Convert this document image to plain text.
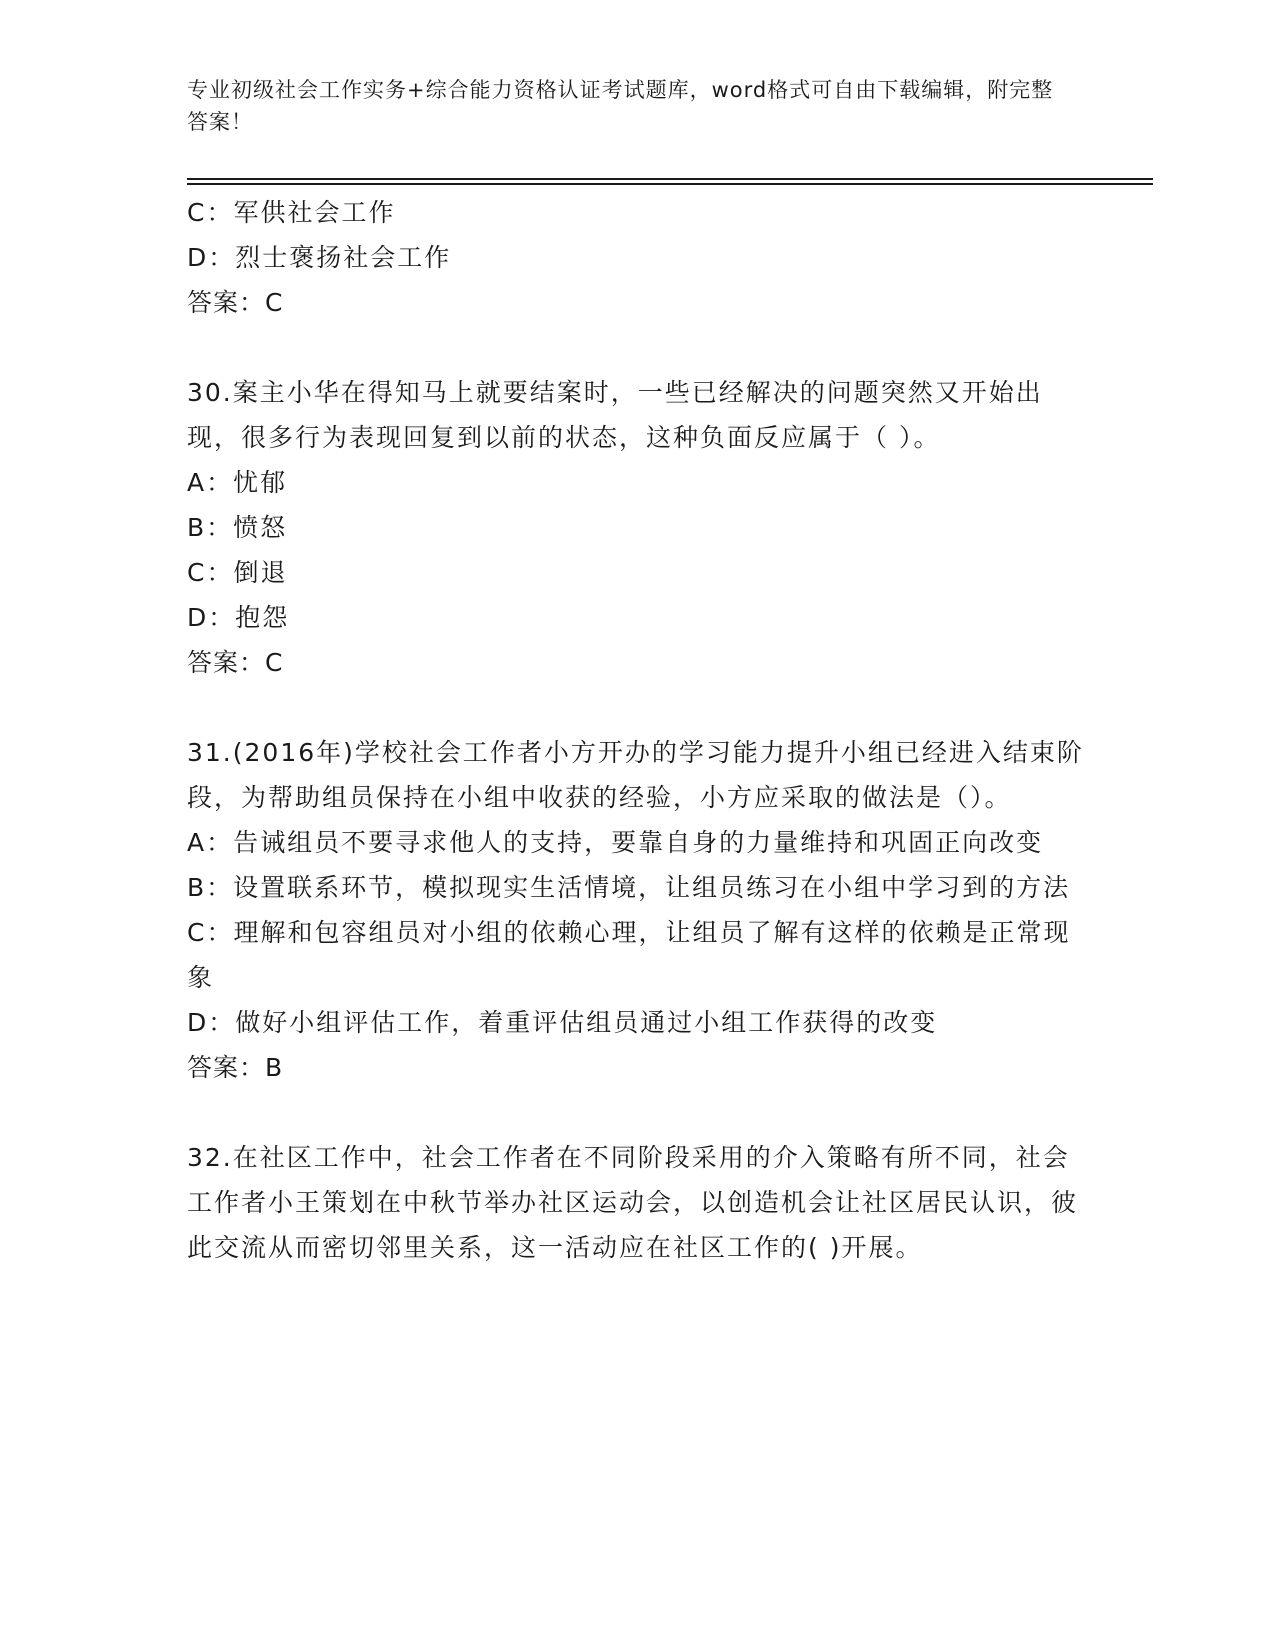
专业初级社会工作实务+综合能力资格认证考试题库，word格式可自由下载编辑，附完整答案！

C：军供社会工作

D：烈士褒扬社会工作

答案：C

30.案主小华在得知马上就要结案时，一些已经解决的问题突然又开始出现，很多行为表现回复到以前的状态，这种负面反应属于（ ）。

A：忧郁

B：愤怒

C：倒退

D：抱怨

答案：C

31.(2016年)学校社会工作者小方开办的学习能力提升小组已经进入结束阶段，为帮助组员保持在小组中收获的经验，小方应采取的做法是（）。

A：告诫组员不要寻求他人的支持，要靠自身的力量维持和巩固正向改变

B：设置联系环节，模拟现实生活情境，让组员练习在小组中学习到的方法

C：理解和包容组员对小组的依赖心理，让组员了解有这样的依赖是正常现象

D：做好小组评估工作，着重评估组员通过小组工作获得的改变

答案：B

32.在社区工作中，社会工作者在不同阶段采用的介入策略有所不同，社会工作者小王策划在中秋节举办社区运动会，以创造机会让社区居民认识，彼此交流从而密切邻里关系，这一活动应在社区工作的( )开展。
